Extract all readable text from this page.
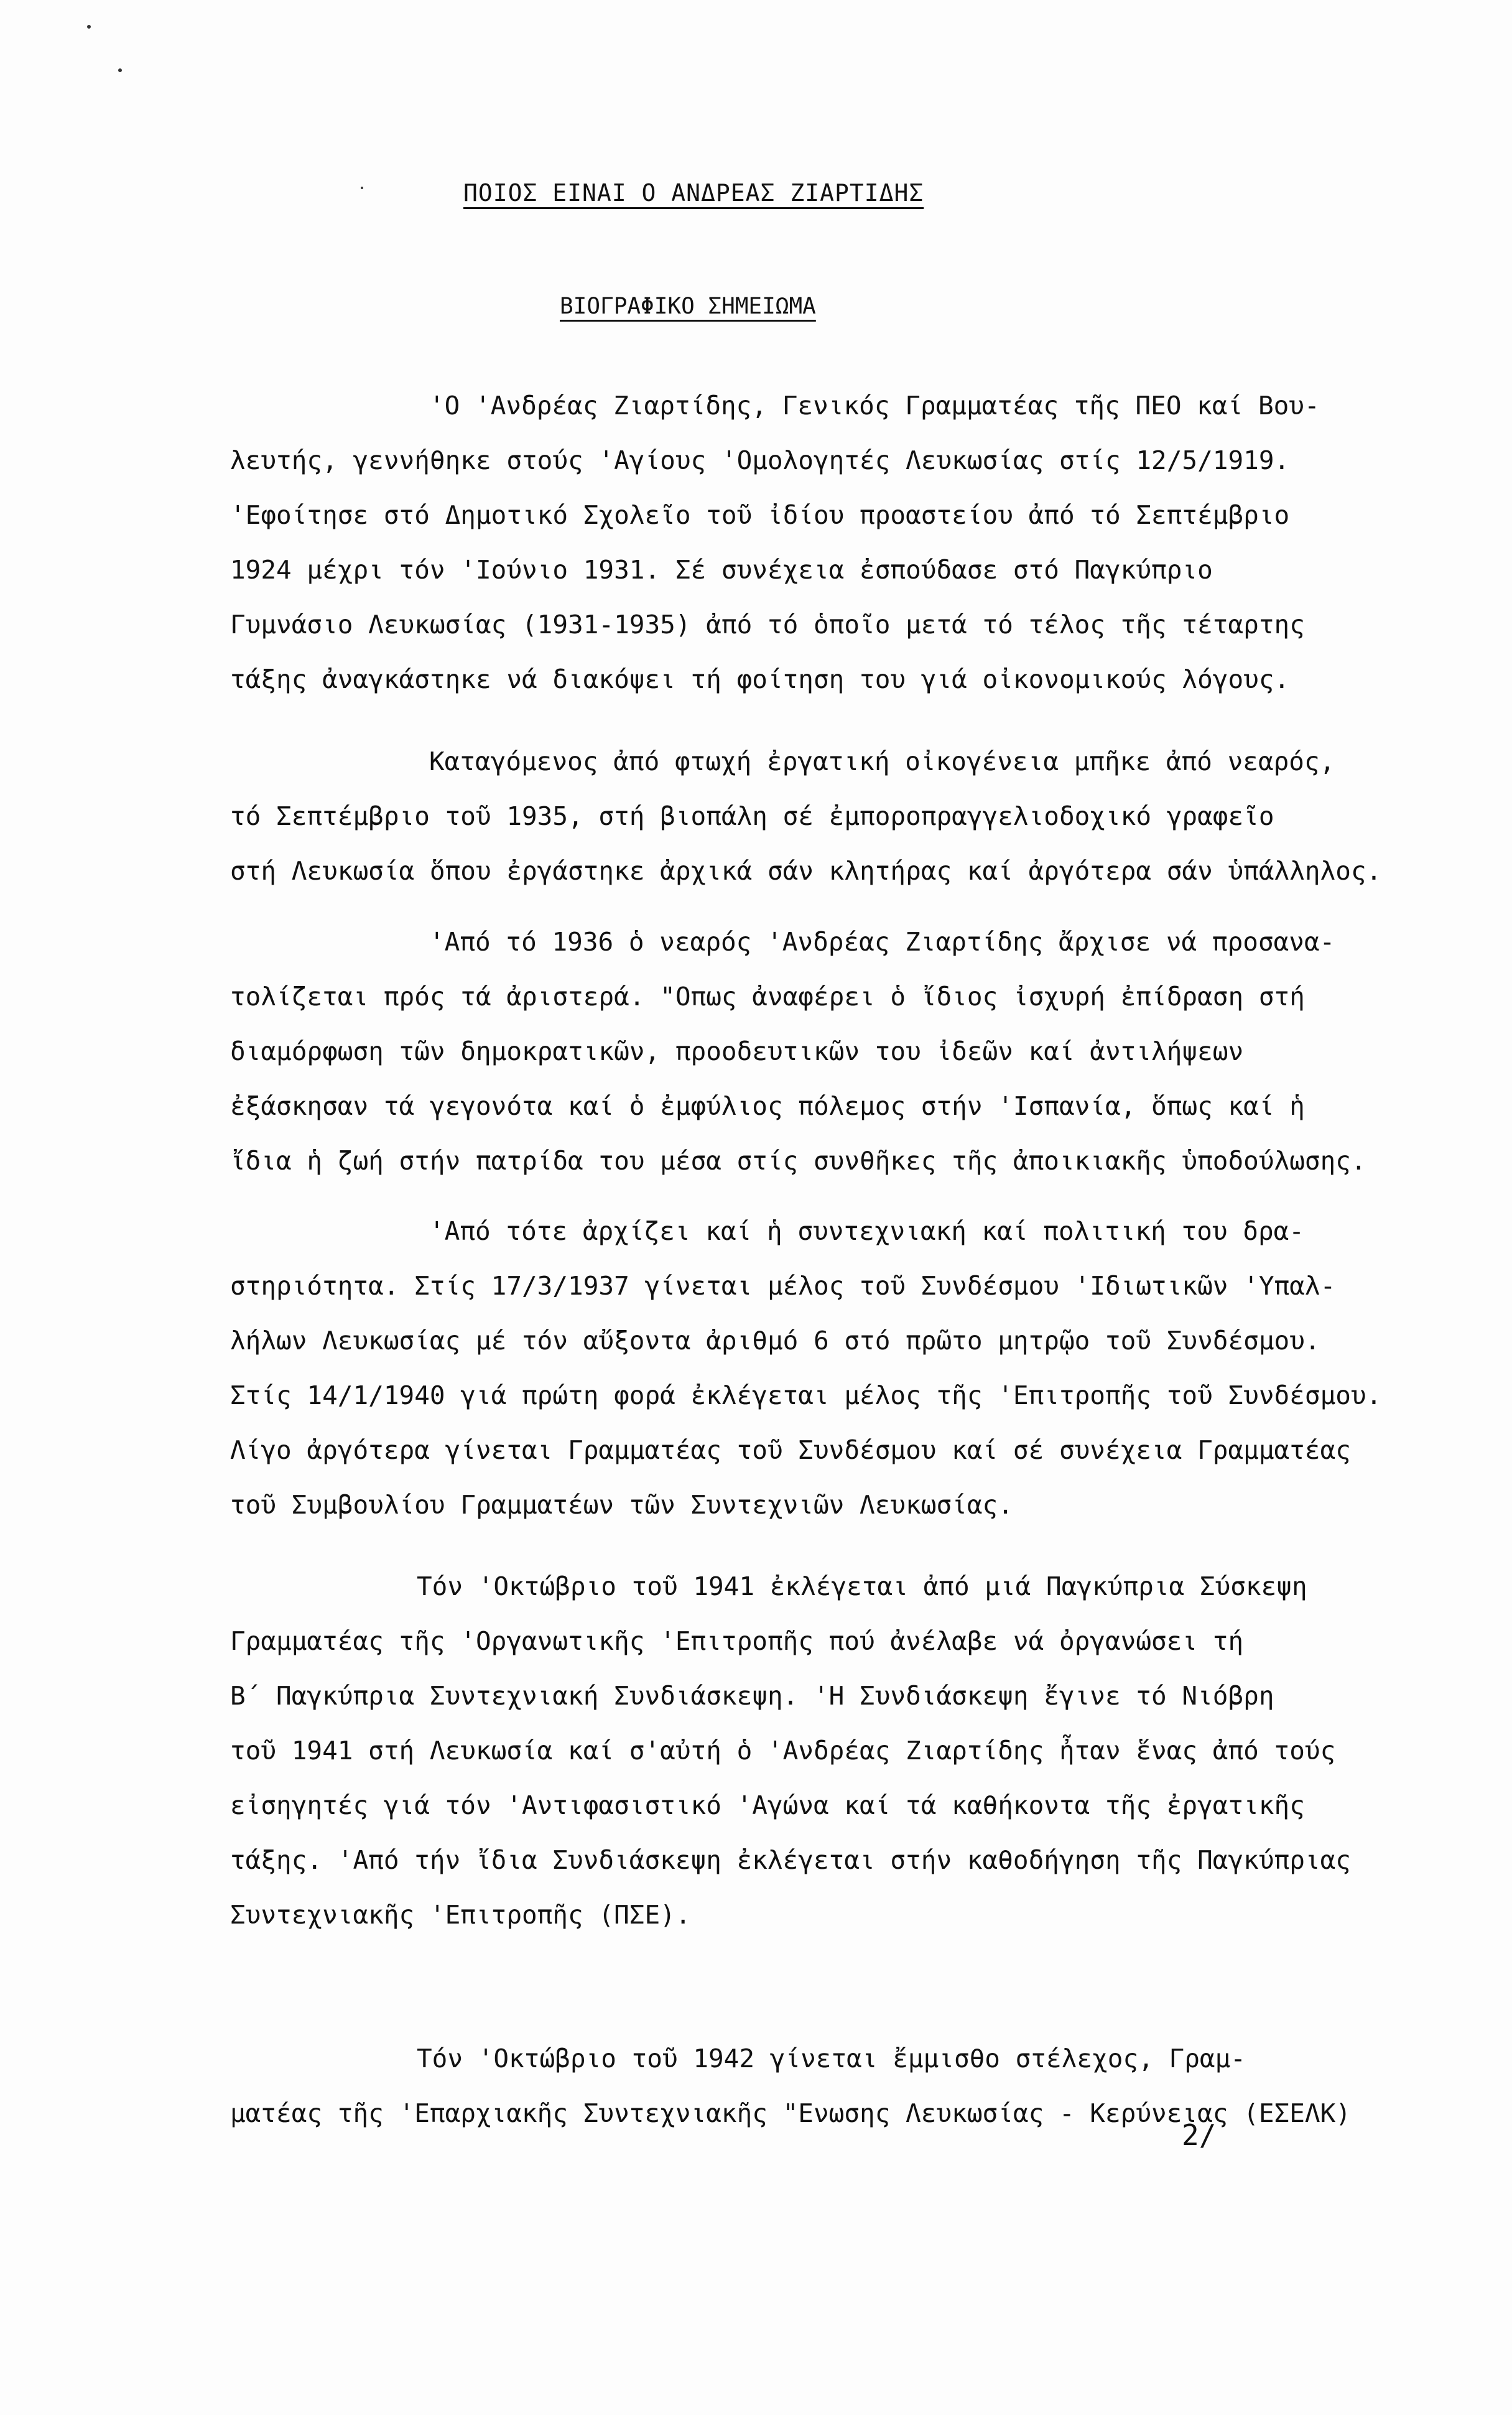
ΠΟΙΟΣ ΕΙΝΑΙ Ο ΑΝΔΡΕΑΣ ΖΙΑΡΤΙΔΗΣ
ΒΙΟΓΡΑΦΙΚΟ ΣΗΜΕΙΩΜΑ
'Ο 'Ανδρέας Ζιαρτίδης, Γενικός Γραμματέας τῆς ΠΕΟ καί Βου-
λευτής, γεννήθηκε στούς 'Αγίους 'Ομολογητές Λευκωσίας στίς 12/5/1919.
'Εφοίτησε στό Δημοτικό Σχολεῖο τοῦ ἰδίου προαστείου ἀπό τό Σεπτέμβριο
1924 μέχρι τόν 'Ιούνιο 1931. Σέ συνέχεια ἐσπούδασε στό Παγκύπριο
Γυμνάσιο Λευκωσίας (1931-1935) ἀπό τό ὁποῖο μετά τό τέλος τῆς τέταρτης
τάξης ἀναγκάστηκε νά διακόψει τή φοίτηση του γιά οἰκονομικούς λόγους.
Καταγόμενος ἀπό φτωχή ἐργατική οἰκογένεια μπῆκε ἀπό νεαρός,
τό Σεπτέμβριο τοῦ 1935, στή βιοπάλη σέ ἐμπορoπραγγελιοδοχικό γραφεῖο
στή Λευκωσία ὅπου ἐργάστηκε ἀρχικά σάν κλητήρας καί ἀργότερα σάν ὑπάλληλος.
'Από τό 1936 ὁ νεαρός 'Ανδρέας Ζιαρτίδης ἄρχισε νά προσανα-
τολίζεται πρός τά ἀριστερά. "Οπως ἀναφέρει ὁ ἴδιος ἰσχυρή ἐπίδραση στή
διαμόρφωση τῶν δημοκρατικῶν, προοδευτικῶν του ἰδεῶν καί ἀντιλήψεων
ἐξάσκησαν τά γεγονότα καί ὁ ἐμφύλιος πόλεμος στήν 'Ισπανία, ὅπως καί ἡ
ἴδια ἡ ζωή στήν πατρίδα του μέσα στίς συνθῆκες τῆς ἀποικιακῆς ὑποδούλωσης.
'Από τότε ἀρχίζει καί ἡ συντεχνιακή καί πολιτική του δρα-
στηριότητα. Στίς 17/3/1937 γίνεται μέλος τοῦ Συνδέσμου 'Ιδιωτικῶν 'Υπαλ-
λήλων Λευκωσίας μέ τόν αὔξοντα ἀριθμό 6 στό πρῶτο μητρῷο τοῦ Συνδέσμου.
Στίς 14/1/1940 γιά πρώτη φορά ἐκλέγεται μέλος τῆς 'Επιτροπῆς τοῦ Συνδέσμου.
Λίγο ἀργότερα γίνεται Γραμματέας τοῦ Συνδέσμου καί σέ συνέχεια Γραμματέας
τοῦ Συμβουλίου Γραμματέων τῶν Συντεχνιῶν Λευκωσίας.
Τόν 'Οκτώβριο τοῦ 1941 ἐκλέγεται ἀπό μιά Παγκύπρια Σύσκεψη
Γραμματέας τῆς 'Οργανωτικῆς 'Επιτροπῆς πού ἀνέλαβε νά ὀργανώσει τή
Β΄ Παγκύπρια Συντεχνιακή Συνδιάσκεψη. 'Η Συνδιάσκεψη ἔγινε τό Νιόβρη
τοῦ 1941 στή Λευκωσία καί σ'αὐτή ὁ 'Ανδρέας Ζιαρτίδης ἦταν ἕνας ἀπό τούς
εἰσηγητές γιά τόν 'Αντιφασιστικό 'Αγώνα καί τά καθήκοντα τῆς ἐργατικῆς
τάξης. 'Από τήν ἴδια Συνδιάσκεψη ἐκλέγεται στήν καθοδήγηση τῆς Παγκύπριας
Συντεχνιακῆς 'Επιτροπῆς (ΠΣΕ).
Τόν 'Οκτώβριο τοῦ 1942 γίνεται ἔμμισθο στέλεχος, Γραμ-
ματέας τῆς 'Επαρχιακῆς Συντεχνιακῆς "Ενωσης Λευκωσίας - Κερύνειας (ΕΣΕΛΚ)
2/
